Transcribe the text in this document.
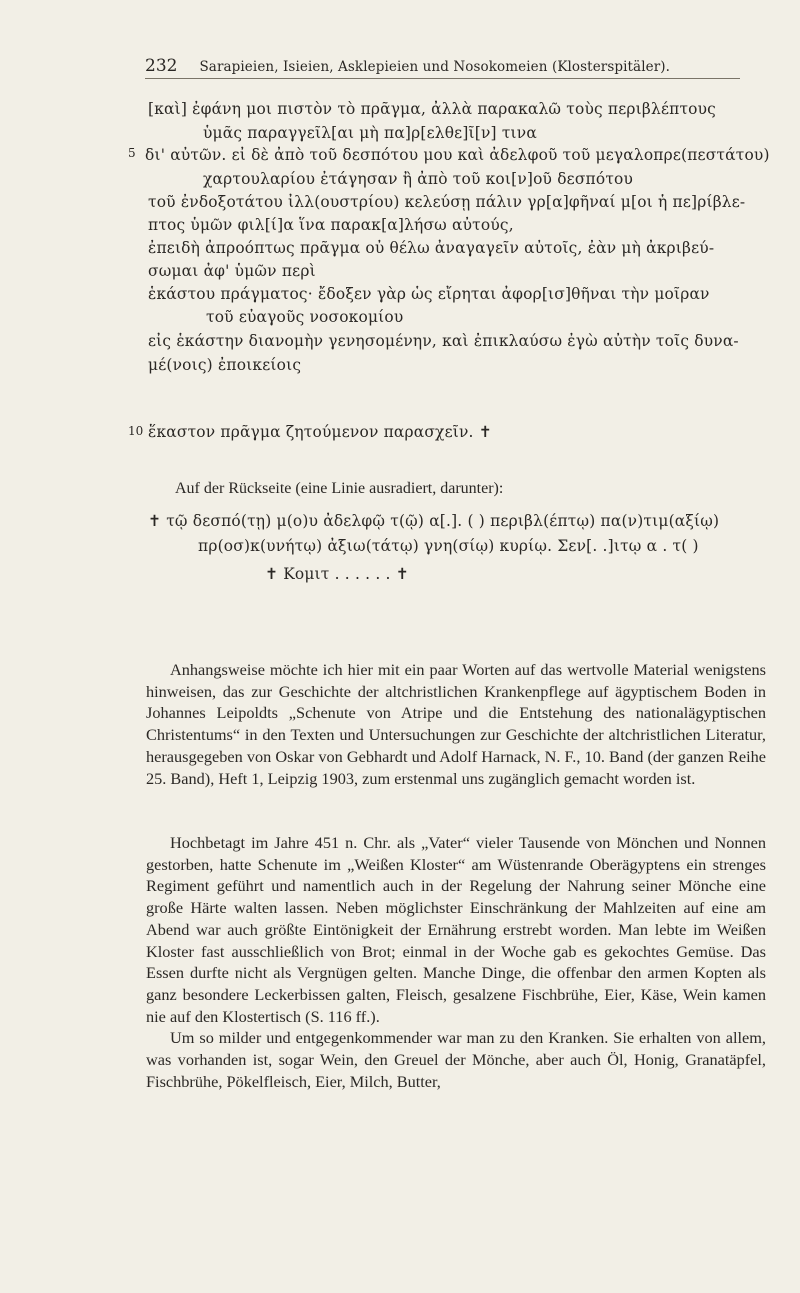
232 Sarapieien, Isieien, Asklepieien und Nosokomeien (Klosterspitäler).
[καὶ] ἐφάνη μοι πιστὸν τὸ πρᾶγμα, ἀλλὰ παρακαλῶ τοὺς περιβλέπτους
ὑμᾶς παραγγεῖλ[αι μὴ πα]ρ[ελθε]ῖ[ν] τινα
5 δι' αὐτῶν. εἰ δὲ ἀπὸ τοῦ δεσπότου μου καὶ ἀδελφοῦ τοῦ μεγαλοπρε(πεστάτου)
χαρτουλαρίου ἐτάγησαν ἢ ἀπὸ τοῦ κοι[ν]οῦ δεσπότου
τοῦ ἐνδοξοτάτου ἰλλ(ουστρίου) κελεύσῃ πάλιν γρ[α]φῆναί μ[οι ἡ πε]ρίβλε-
πτος ὑμῶν φιλ[ί]α ἵνα παρακ[α]λήσω αὐτούς,
ἐπειδὴ ἀπροόπτως πρᾶγμα οὐ θέλω ἀναγαγεῖν αὐτοῖς, ἐὰν μὴ ἀκριβεύ-
σωμαι ἀφ' ὑμῶν περὶ
ἑκάστου πράγματος· ἔδοξεν γὰρ ὡς εἴρηται ἀφορ[ισ]θῆναι τὴν μοῖραν
τοῦ εὐαγοῦς νοσοκομίου
εἰς ἑκάστην διανομὴν γενησομένην, καὶ ἐπικλαύσω ἐγὼ αὐτὴν τοῖς δυνα-
μέ(νοις) ἐποικείοις
10 ἕκαστον πρᾶγμα ζητούμενον παρασχεῖν. ✝
Auf der Rückseite (eine Linie ausradiert, darunter):
✝ τῷ δεσπό(τῃ) μ(ο)υ ἀδελφῷ τ(ῷ) α[.]. ( ) περιβλ(έπτῳ) πα(ν)τιμ(αξίῳ)
πρ(οσ)κ(υνήτῳ) ἀξιω(τάτῳ) γνη(σίῳ) κυρίῳ. Σεν[. .]ιτῳ α . τ( )
✝ Κομιτ . . . . . . ✝

Anhangsweise möchte ich hier mit ein paar Worten auf das wertvolle Material wenigstens hinweisen, das zur Geschichte der altchristlichen Krankenpflege auf ägyptischem Boden in Johannes Leipoldts „Schenute von Atripe und die Entstehung des nationalägyptischen Christentums“ in den Texten und Untersuchungen zur Geschichte der altchristlichen Literatur, herausgegeben von Oskar von Gebhardt und Adolf Harnack, N. F., 10. Band (der ganzen Reihe 25. Band), Heft 1, Leipzig 1903, zum erstenmal uns zugänglich gemacht worden ist.

Hochbetagt im Jahre 451 n. Chr. als „Vater“ vieler Tausende von Mönchen und Nonnen gestorben, hatte Schenute im „Weißen Kloster“ am Wüstenrande Oberägyptens ein strenges Regiment geführt und namentlich auch in der Regelung der Nahrung seiner Mönche eine große Härte walten lassen. Neben möglichster Einschränkung der Mahlzeiten auf eine am Abend war auch größte Eintönigkeit der Ernährung erstrebt worden. Man lebte im Weißen Kloster fast ausschließlich von Brot; einmal in der Woche gab es gekochtes Gemüse. Das Essen durfte nicht als Vergnügen gelten. Manche Dinge, die offenbar den armen Kopten als ganz besondere Leckerbissen galten, Fleisch, gesalzene Fischbrühe, Eier, Käse, Wein kamen nie auf den Klostertisch (S. 116 ff.).

Um so milder und entgegenkommender war man zu den Kranken. Sie erhalten von allem, was vorhanden ist, sogar Wein, den Greuel der Mönche, aber auch Öl, Honig, Granatäpfel, Fischbrühe, Pökelfleisch, Eier, Milch, Butter,
